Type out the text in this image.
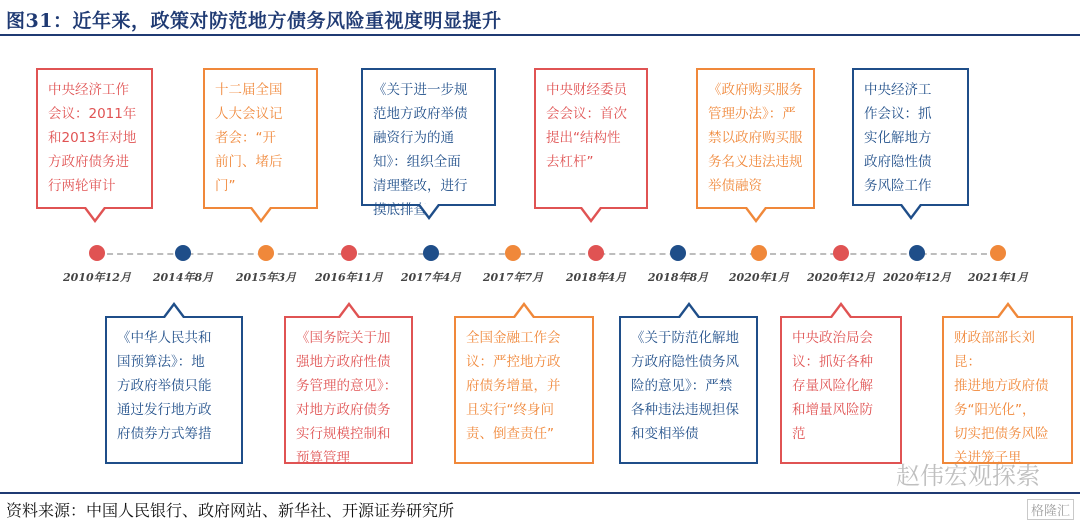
图31：近年来，政策对防范地方债务风险重视度明显提升
2010年12月	2014年8月	2015年3月	2016年11月	2017年4月	2017年7月	2018年4月	2018年8月	2020年1月	2020年12月 2020年12月	2021年1月
中央经济工作
会议：2011年
和2013年对地
方政府债务进
行两轮审计
《中华人民共和
国预算法》：地
方政府举债只能
通过发行地方政
府债券方式筹措
十二届全国
人大会议记
者会：“开
前门、堵后
门”
《国务院关于加
强地方政府性债
务管理的意见》：
对地方政府债务
实行规模控制和
预算管理
《关于进一步规
范地方政府举债
融资行为的通
知》：组织全面
清理整改，进行
摸底排查
全国金融工作会
议：严控地方政
府债务增量，并
且实行“终身问
责、倒查责任”
中央财经委员
会会议：首次
提出“结构性
去杠杆”
《关于防范化解地
方政府隐性债务风
险的意见》：严禁
各种违法违规担保
和变相举债
《政府购买服务
管理办法》：严
禁以政府购买服
务名义违法违规
举债融资
中央政治局会
议：抓好各种
存量风险化解
和增量风险防
范
中央经济工
作会议：抓
实化解地方
政府隐性债
务风险工作
财政部部长刘昆：
推进地方政府债
务“阳光化”，
切实把债务风险
关进笼子里
赵伟宏观探索
资料来源：中国人民银行、政府网站、新华社、开源证券研究所	格隆汇
